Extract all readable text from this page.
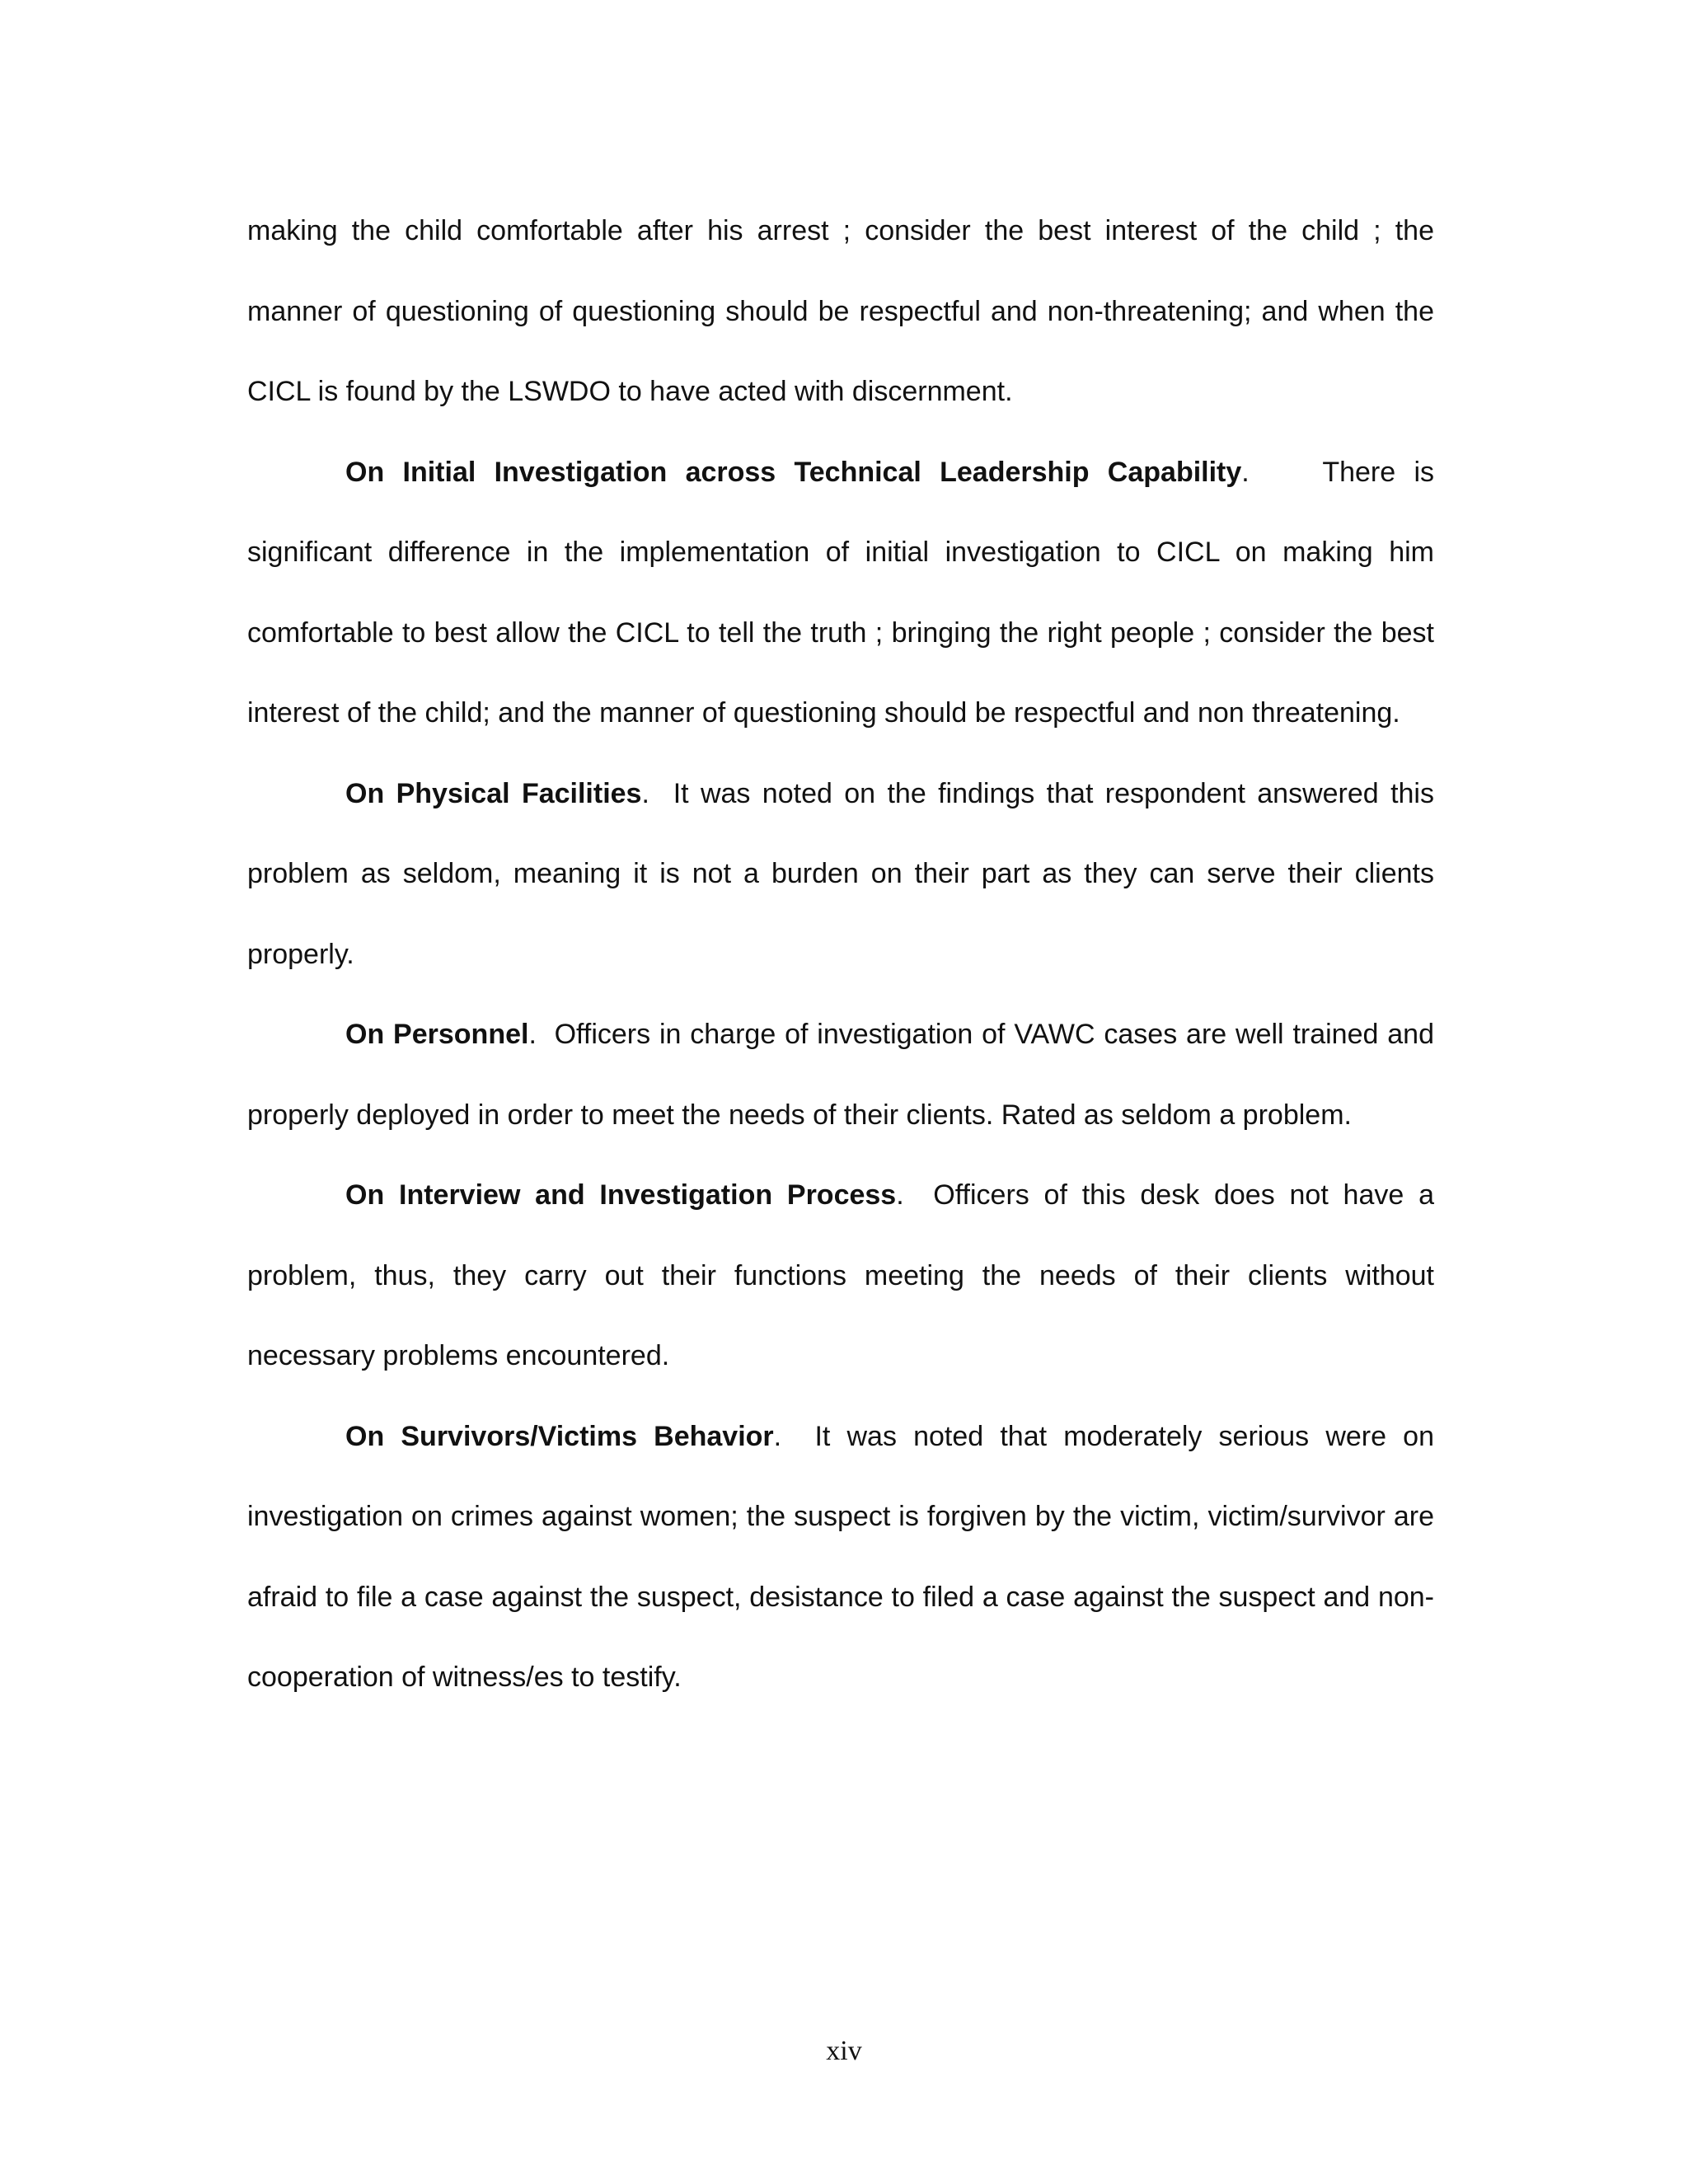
making the child comfortable after his arrest ; consider the best interest of the child ; the manner of questioning of questioning should be respectful and non-threatening; and when the CICL is found by the LSWDO to have acted with discernment.

On Initial Investigation across Technical Leadership Capability.	There is significant difference in the implementation of initial investigation to CICL on making him comfortable to best allow the CICL to tell the truth ; bringing the right people ; consider the best interest of the child; and the manner of questioning should be respectful and non threatening.

On Physical Facilities. It was noted on the findings that respondent answered this problem as seldom, meaning it is not a burden on their part as they can serve their clients properly.

On Personnel. Officers in charge of investigation of VAWC cases are well trained and properly deployed in order to meet the needs of their clients. Rated as seldom a problem.

On Interview and Investigation Process. Officers of this desk does not have a problem, thus, they carry out their functions meeting the needs of their clients without necessary problems encountered.

On Survivors/Victims Behavior. It was noted that moderately serious were on investigation on crimes against women; the suspect is forgiven by the victim, victim/survivor are afraid to file a case against the suspect, desistance to filed a case against the suspect and non-cooperation of witness/es to testify.

xiv
